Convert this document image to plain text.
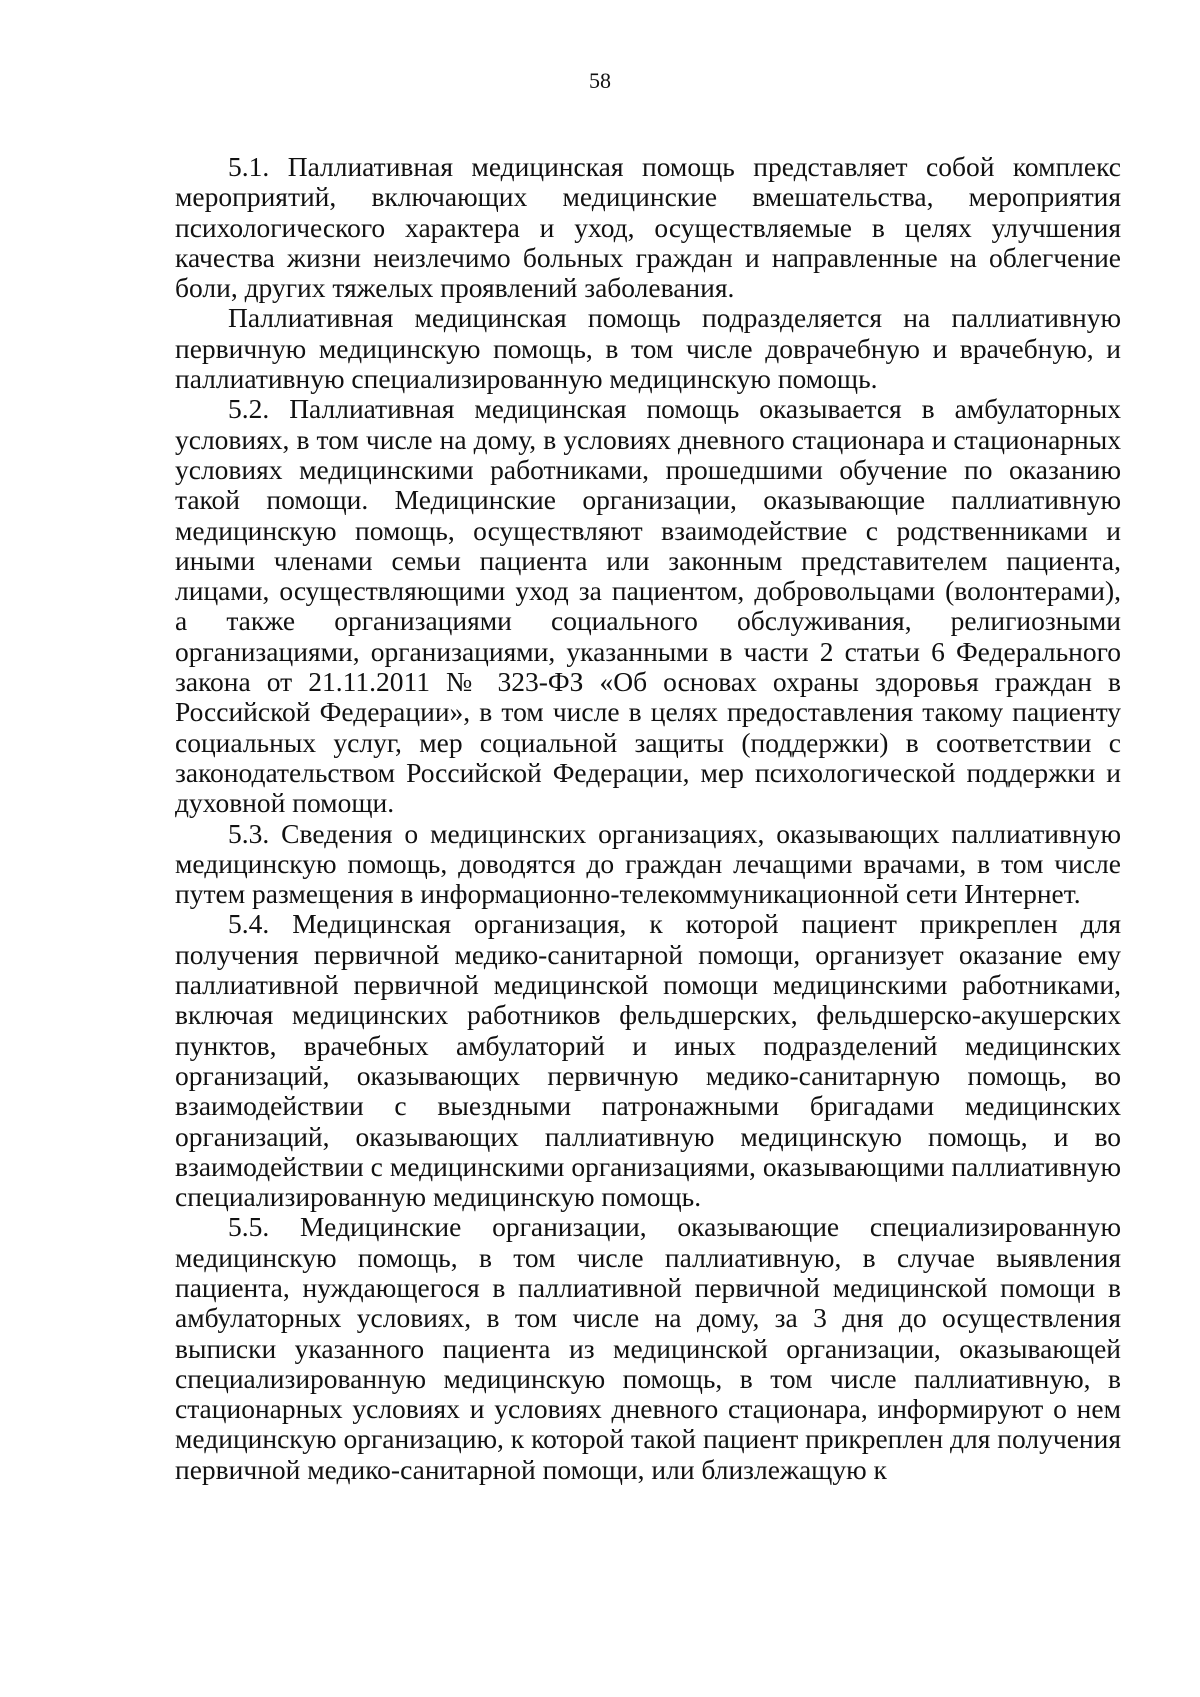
58

5.1. Паллиативная медицинская помощь представляет собой комплекс мероприятий, включающих медицинские вмешательства, мероприятия психологического характера и уход, осуществляемые в целях улучшения качества жизни неизлечимо больных граждан и направленные на облегчение боли, других тяжелых проявлений заболевания.

Паллиативная медицинская помощь подразделяется на паллиативную первичную медицинскую помощь, в том числе доврачебную и врачебную, и паллиативную специализированную медицинскую помощь.

5.2. Паллиативная медицинская помощь оказывается в амбулаторных условиях, в том числе на дому, в условиях дневного стационара и стационарных условиях медицинскими работниками, прошедшими обучение по оказанию такой помощи. Медицинские организации, оказывающие паллиативную медицинскую помощь, осуществляют взаимодействие с родственниками и иными членами семьи пациента или законным представителем пациента, лицами, осуществляющими уход за пациентом, добровольцами (волонтерами), а также организациями социального обслуживания, религиозными организациями, организациями, указанными в части 2 статьи 6 Федерального закона от 21.11.2011 № 323-ФЗ «Об основах охраны здоровья граждан в Российской Федерации», в том числе в целях предоставления такому пациенту социальных услуг, мер социальной защиты (поддержки) в соответствии с законодательством Российской Федерации, мер психологической поддержки и духовной помощи.

5.3. Сведения о медицинских организациях, оказывающих паллиативную медицинскую помощь, доводятся до граждан лечащими врачами, в том числе путем размещения в информационно-телекоммуникационной сети Интернет.

5.4. Медицинская организация, к которой пациент прикреплен для получения первичной медико-санитарной помощи, организует оказание ему паллиативной первичной медицинской помощи медицинскими работниками, включая медицинских работников фельдшерских, фельдшерско-акушерских пунктов, врачебных амбулаторий и иных подразделений медицинских организаций, оказывающих первичную медико-санитарную помощь, во взаимодействии с выездными патронажными бригадами медицинских организаций, оказывающих паллиативную медицинскую помощь, и во взаимодействии с медицинскими организациями, оказывающими паллиативную специализированную медицинскую помощь.

5.5. Медицинские организации, оказывающие специализированную медицинскую помощь, в том числе паллиативную, в случае выявления пациента, нуждающегося в паллиативной первичной медицинской помощи в амбулаторных условиях, в том числе на дому, за 3 дня до осуществления выписки указанного пациента из медицинской организации, оказывающей специализированную медицинскую помощь, в том числе паллиативную, в стационарных условиях и условиях дневного стационара, информируют о нем медицинскую организацию, к которой такой пациент прикреплен для получения первичной медико-санитарной помощи, или близлежащую к
